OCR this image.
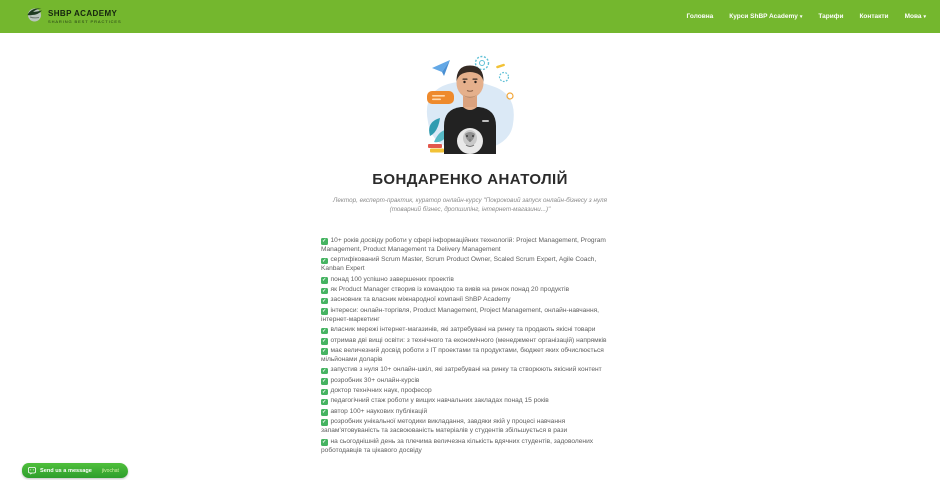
SHBP ACADEMY
SHARING BEST PRACTICES
Головна Курси ShBP Academy ▾ Тарифи Контакти Мова ▾
БОНДАРЕНКО АНАТОЛІЙ

Лектор, експерт-практик, куратор онлайн-курсу "Покроковий запуск онлайн-бізнесу з нуля (товарний бізнес, дропшипінг, інтернет-магазини...)"

✓ 10+ років досвіду роботи у сфері інформаційних технологій: Project Management, Program Management, Product Management та Delivery Management
✓ сертифікований Scrum Master, Scrum Product Owner, Scaled Scrum Expert, Agile Coach, Kanban Expert
✓ понад 100 успішно завершених проектів
✓ як Product Manager створив із командою та вивів на ринок понад 20 продуктів
✓ засновник та власник міжнародної компанії ShBP Academy
✓ інтереси: онлайн-торгівля, Product Management, Project Management, онлайн-навчання, інтернет-маркетинг
✓ власник мережі інтернет-магазинів, які затребувані на ринку та продають якісні товари
✓ отримав дві вищі освіти: з технічного та економічного (менеджмент організацій) напрямків
✓ має величезний досвід роботи з ІТ проектами та продуктами, бюджет яких обчислюється мільйонами доларів
✓ запустив з нуля 10+ онлайн-шкіл, які затребувані на ринку та створюють якісний контент
✓ розробник 30+ онлайн-курсів
✓ доктор технічних наук, професор
✓ педагогічний стаж роботи у вищих навчальних закладах понад 15 років
✓ автор 100+ наукових публікацій
✓ розробник унікальної методики викладання, завдяки якій у процесі навчання запам'ятовуваність та засвоюваність матеріалів у студентів збільшується в рази
✓ на сьогоднішній день за плечима величезна кількість вдячних студентів, задоволених роботодавців та цікавого досвіду
Send us a message jivochat
